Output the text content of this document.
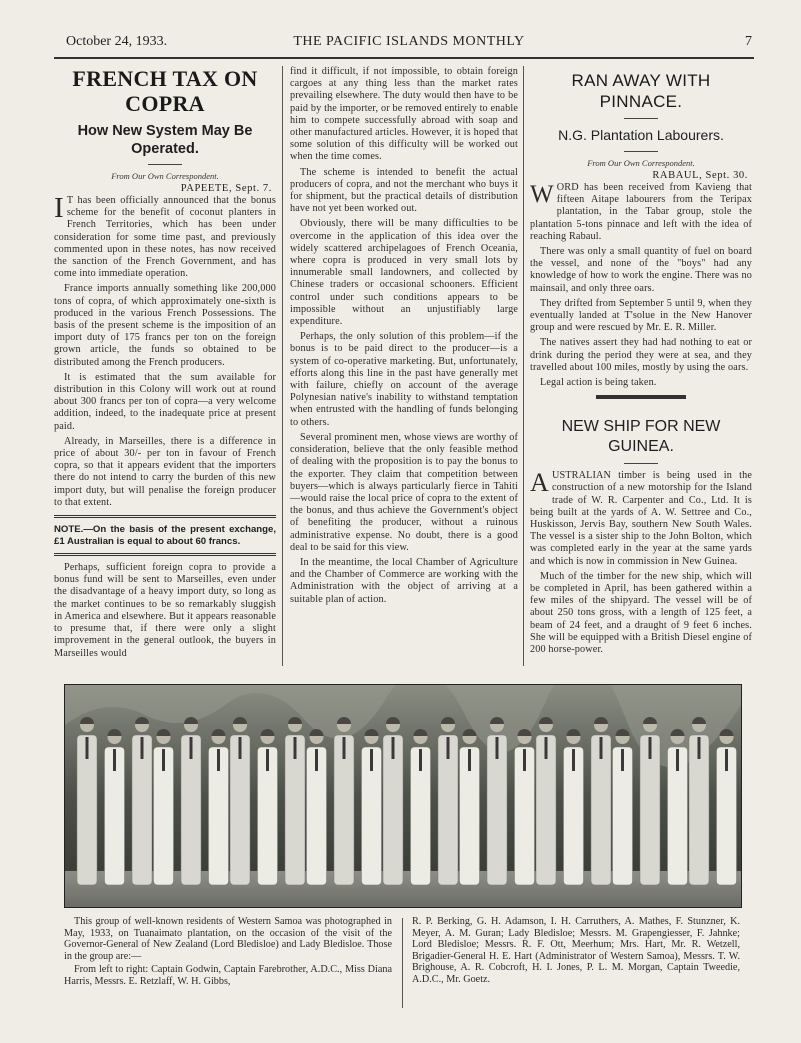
October 24, 1933.	THE PACIFIC ISLANDS MONTHLY	7
FRENCH TAX ON COPRA
How New System May Be Operated.
From Our Own Correspondent.
PAPEETE, Sept. 7.

I T has been officially announced that the bonus scheme for the benefit of coconut planters in French Territories, which has been under consideration for some time past, and previously commented upon in these notes, has now received the sanction of the French Government, and has come into immediate operation.

France imports annually something like 200,000 tons of copra, of which approximately one-sixth is produced in the various French Possessions. The basis of the present scheme is the imposition of an import duty of 175 francs per ton on the foreign grown article, the funds so obtained to be distributed among the French producers.

It is estimated that the sum available for distribution in this Colony will work out at round about 300 francs per ton of copra—a very welcome addition, indeed, to the inadequate price at present paid.

Already, in Marseilles, there is a difference in price of about 30/- per ton in favour of French copra, so that it appears evident that the importers there do not intend to carry the burden of this new import duty, but will penalise the foreign producer to that extent.

NOTE.—On the basis of the present exchange, £1 Australian is equal to about 60 francs.

Perhaps, sufficient foreign copra to provide a bonus fund will be sent to Marseilles, even under the disadvantage of a heavy import duty, so long as the market continues to be so remarkably sluggish in America and elsewhere. But it appears reasonable to presume that, if there were only a slight improvement in the general outlook, the buyers in Marseilles would

find it difficult, if not impossible, to obtain foreign cargoes at any thing less than the market rates prevailing elsewhere. The duty would then have to be paid by the importer, or be removed entirely to enable him to compete successfully abroad with soap and other manufactured articles. However, it is hoped that some solution of this difficulty will be worked out when the time comes.

The scheme is intended to benefit the actual producers of copra, and not the merchant who buys it for shipment, but the practical details of distribution have not yet been worked out.

Obviously, there will be many difficulties to be overcome in the application of this idea over the widely scattered archipelagoes of French Oceania, where copra is produced in very small lots by innumerable small landowners, and collected by Chinese traders or occasional schooners. Efficient control under such conditions appears to be impossible without an unjustifiably large expenditure.

Perhaps, the only solution of this problem—if the bonus is to be paid direct to the producer—is a system of co-operative marketing. But, unfortunately, efforts along this line in the past have generally met with failure, chiefly on account of the average Polynesian native's inability to withstand temptation when entrusted with the handling of funds belonging to others.

Several prominent men, whose views are worthy of consideration, believe that the only feasible method of dealing with the proposition is to pay the bonus to the exporter. They claim that competition between buyers—which is always particularly fierce in Tahiti—would raise the local price of copra to the extent of the bonus, and thus achieve the Government's object of benefiting the producer, without a ruinous administrative expense. No doubt, there is a good deal to be said for this view.

In the meantime, the local Chamber of Agriculture and the Chamber of Commerce are working with the Administration with the object of arriving at a suitable plan of action.

RAN AWAY WITH PINNACE.
N.G. Plantation Labourers.
From Our Own Correspondent.
RABAUL, Sept. 30.

WORD has been received from Kavieng that fifteen Aitape labourers from the Teripax plantation, in the Tabar group, stole the plantation 5-tons pinnace and left with the idea of reaching Rabaul.

There was only a small quantity of fuel on board the vessel, and none of the "boys" had any knowledge of how to work the engine. There was no mainsail, and only three oars.

They drifted from September 5 until 9, when they eventually landed at T'solue in the New Hanover group and were rescued by Mr. E. R. Miller.

The natives assert they had had nothing to eat or drink during the period they were at sea, and they travelled about 100 miles, mostly by using the oars.

Legal action is being taken.

NEW SHIP FOR NEW GUINEA.

AUSTRALIAN timber is being used in the construction of a new motorship for the Island trade of W. R. Carpenter and Co., Ltd. It is being built at the yards of A. W. Settree and Co., Huskisson, Jervis Bay, southern New South Wales. The vessel is a sister ship to the John Bolton, which was completed early in the year at the same yards and which is now in commission in New Guinea.

Much of the timber for the new ship, which will be completed in April, has been gathered within a few miles of the shipyard. The vessel will be of about 250 tons gross, with a length of 125 feet, a beam of 24 feet, and a draught of 9 feet 6 inches. She will be equipped with a British Diesel engine of 200 horse-power.

This group of well-known residents of Western Samoa was photographed in May, 1933, on Tuanaimato plantation, on the occasion of the visit of the Governor-General of New Zealand (Lord Bledisloe) and Lady Bledisloe. Those in the group are:—

From left to right: Captain Godwin, Captain Farebrother, A.D.C., Miss Diana Harris, Messrs. E. Retzlaff, W. H. Gibbs,

R. P. Berking, G. H. Adamson, I. H. Carruthers, A. Mathes, F. Stunzner, K. Meyer, A. M. Guran; Lady Bledisloe; Messrs. M. Grapengiesser, F. Jahnke; Lord Bledisloe; Messrs. R. F. Ott, Meerhum; Mrs. Hart, Mr. R. Wetzell, Brigadier-General H. E. Hart (Administrator of Western Samoa), Messrs. T. W. Brighouse, A. R. Cobcroft, H. I. Jones, P. L. M. Morgan, Captain Tweedie, A.D.C., Mr. Goetz.
